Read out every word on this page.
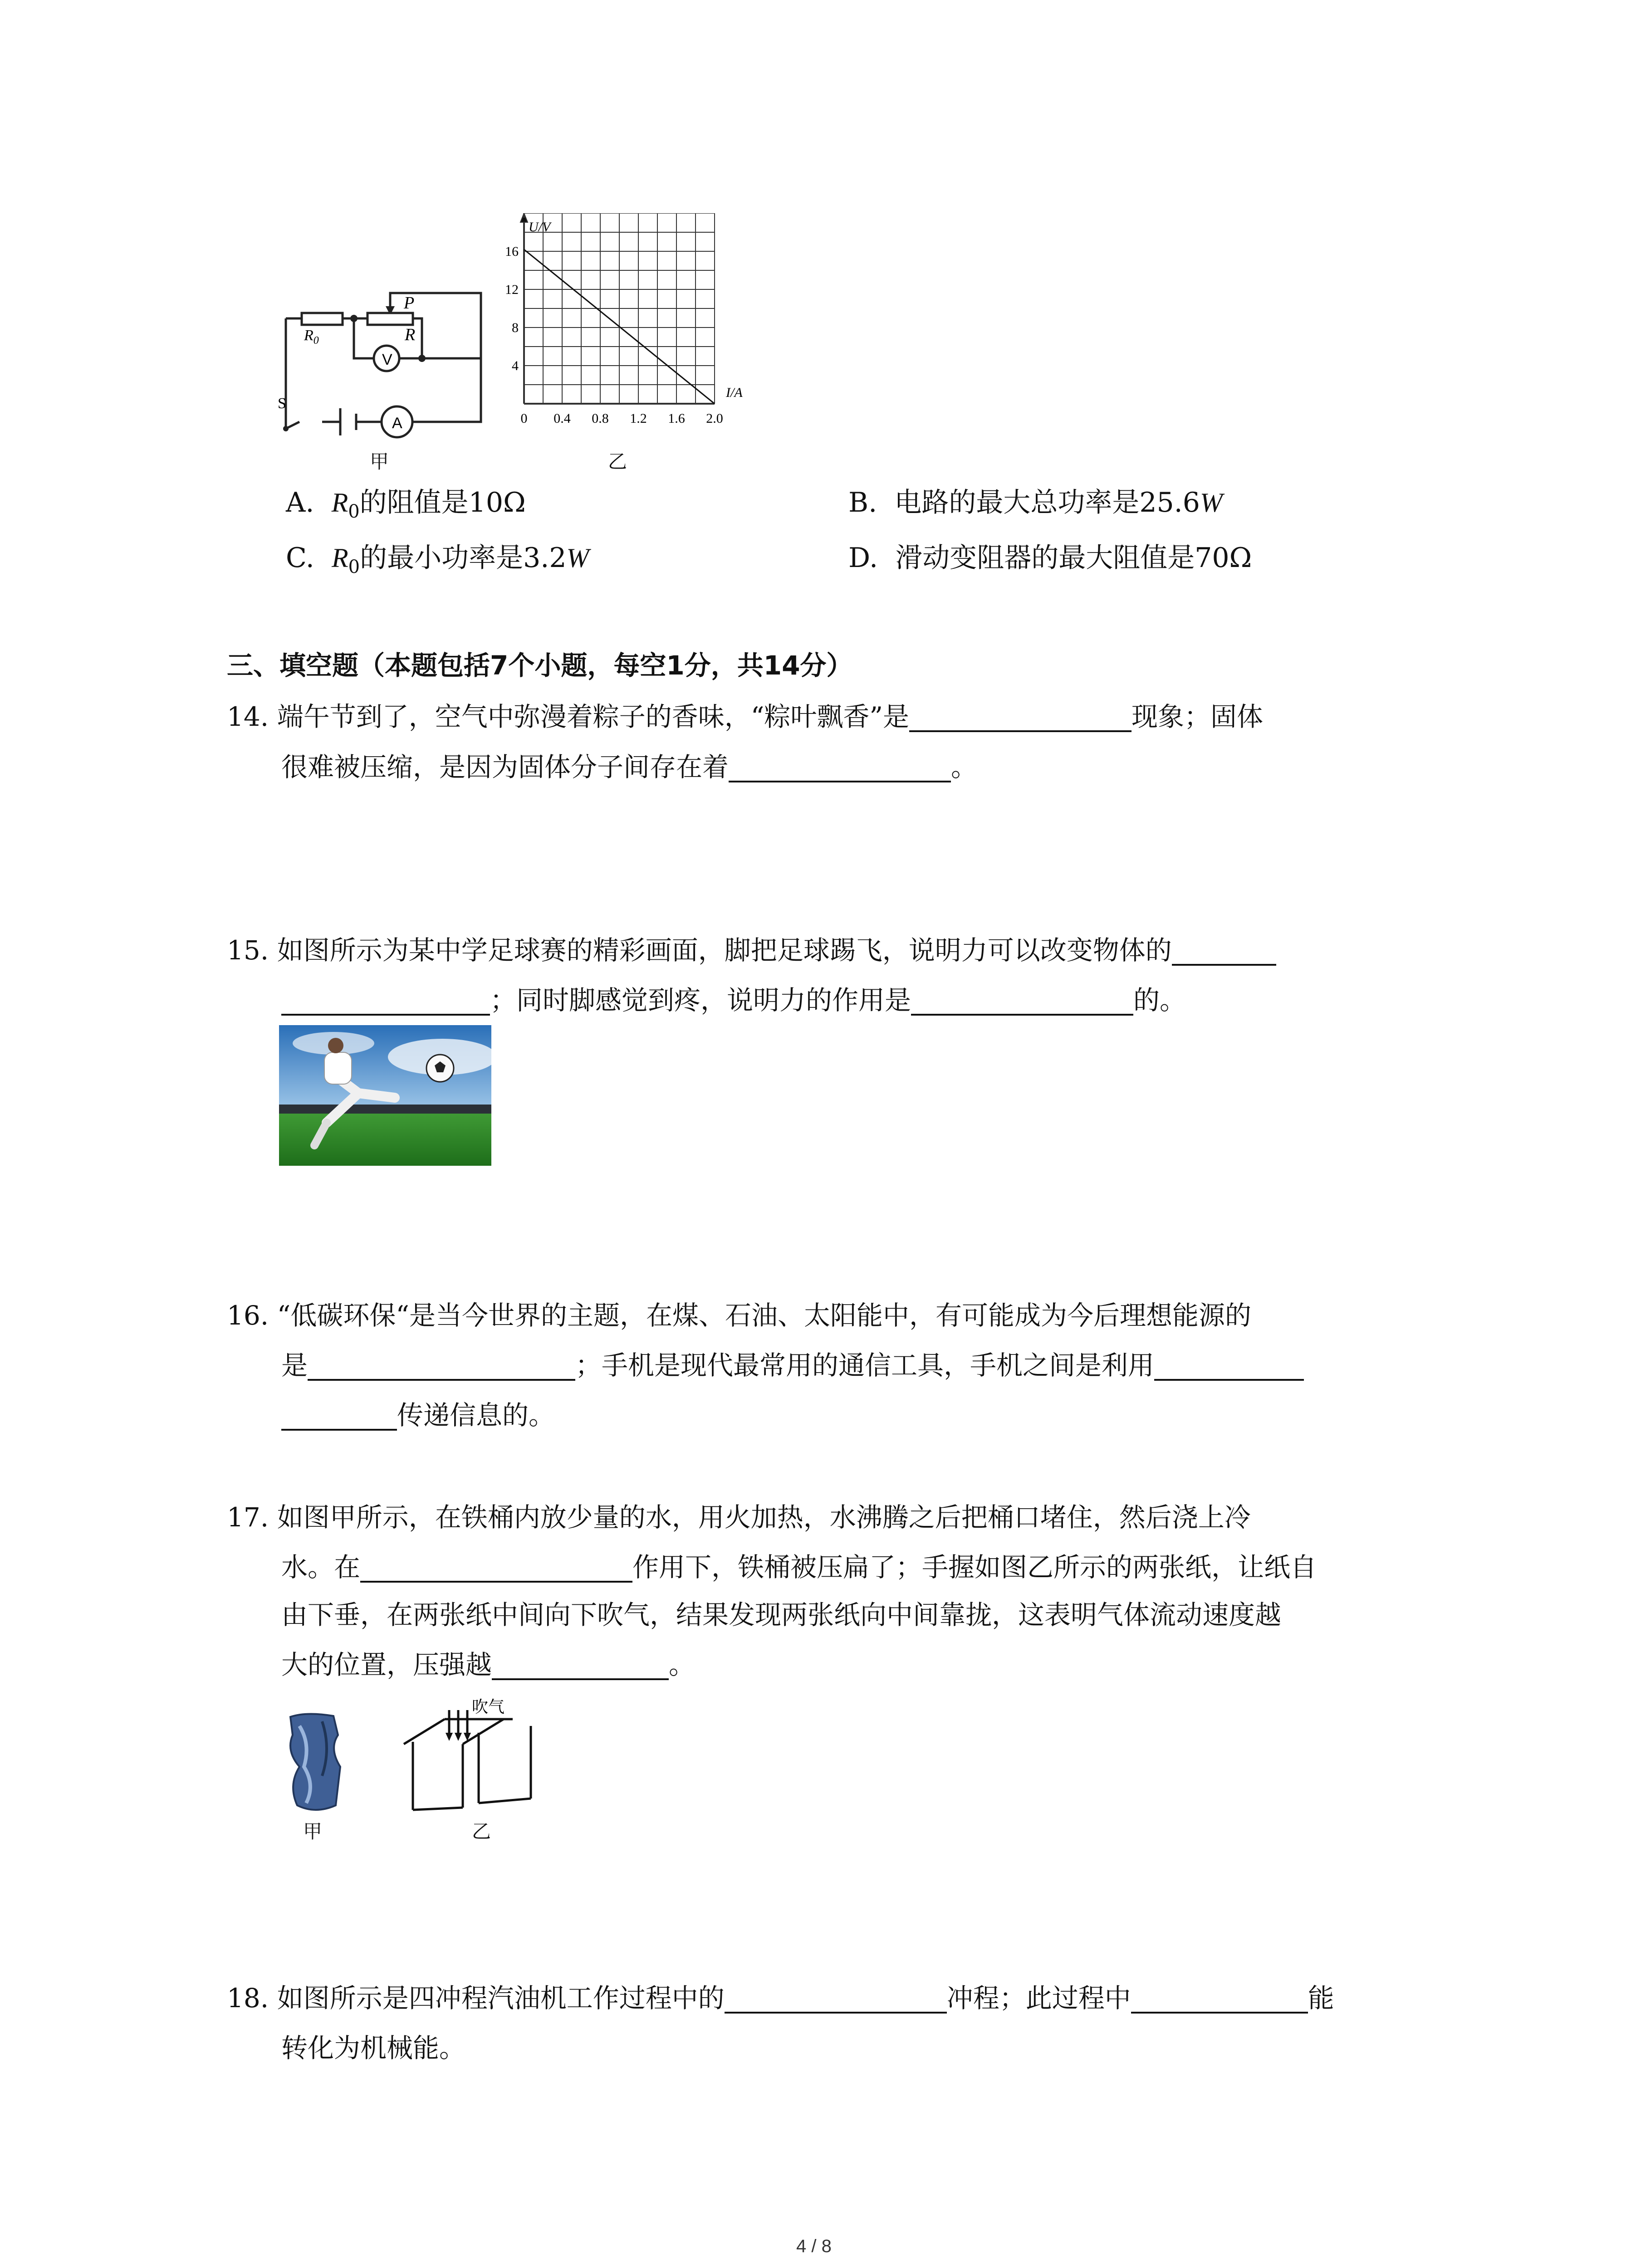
$R_0$
P
R
V
A
S
甲
U/V
I/A
16
12
8
4
0 0.4 0.8 1.2 1.6 2.0
乙
A. $R_0$的阻值是10Ω	B. 电路的最大总功率是25.6W
C. $R_0$的最小功率是3.2W	D. 滑动变阻器的最大阻值是70Ω
三、填空题（本题包括7个小题，每空1分，共14分）
14. 端午节到了，空气中弥漫着粽子的香味，“粽叶飘香”是	现象；固体
很难被压缩，是因为固体分子间存在着	。
15. 如图所示为某中学足球赛的精彩画面，脚把足球踢飞，说明力可以改变物体的
；同时脚感觉到疼，说明力的作用是	的。
16. “低碳环保“是当今世界的主题，在煤、石油、太阳能中，有可能成为今后理想能源的
是	；手机是现代最常用的通信工具，手机之间是利用
传递信息的。
17. 如图甲所示，在铁桶内放少量的水，用火加热，水沸腾之后把桶口堵住，然后浇上冷
水。在	作用下，铁桶被压扁了；手握如图乙所示的两张纸，让纸自
由下垂，在两张纸中间向下吹气，结果发现两张纸向中间靠拢，这表明气体流动速度越
大的位置，压强越	。
甲
吹气
乙
18. 如图所示是四冲程汽油机工作过程中的	冲程；此过程中	能
转化为机械能。
4 / 8
